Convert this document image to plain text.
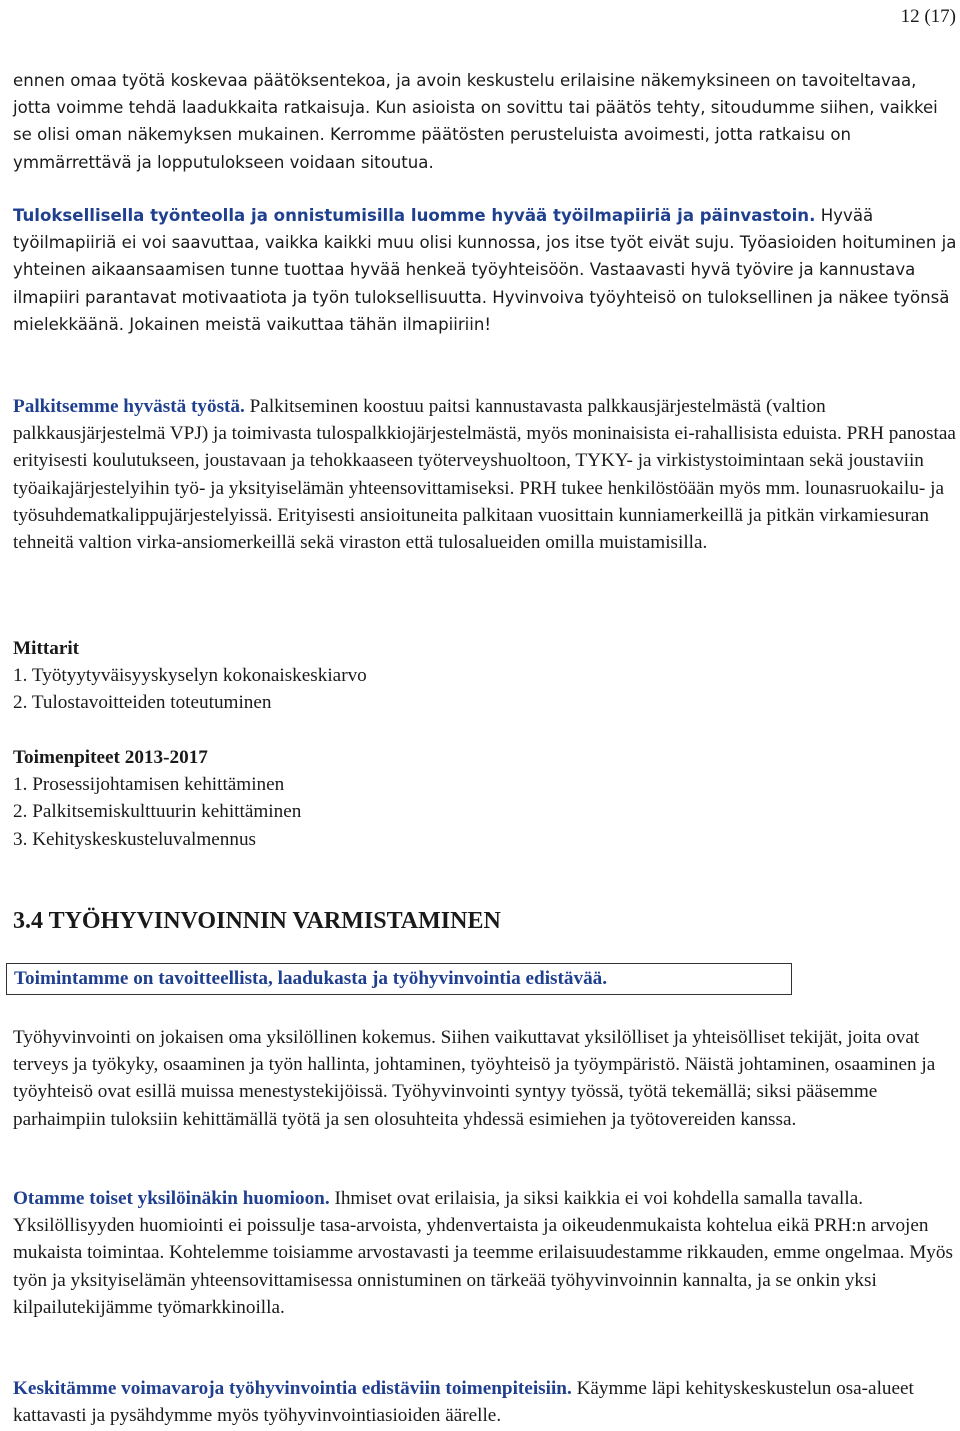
12 (17)

ennen omaa työtä koskevaa päätöksentekoa, ja avoin keskustelu erilaisine näkemyksineen on tavoiteltavaa, jotta voimme tehdä laadukkaita ratkaisuja. Kun asioista on sovittu tai päätös tehty, sitoudumme siihen, vaikkei se olisi oman näkemyksen mukainen. Kerromme päätösten perusteluista avoimesti, jotta ratkaisu on ymmärrettävä ja lopputulokseen voidaan sitoutua.

Tuloksellisella työnteolla ja onnistumisilla luomme hyvää työilmapiiriä ja päinvastoin. Hyvää työilmapiiriä ei voi saavuttaa, vaikka kaikki muu olisi kunnossa, jos itse työt eivät suju. Työasioiden hoituminen ja yhteinen aikaansaamisen tunne tuottaa hyvää henkeä työyhteisöön. Vastaavasti hyvä työvire ja kannustava ilmapiiri parantavat motivaatiota ja työn tuloksellisuutta. Hyvinvoiva työyhteisö on tuloksellinen ja näkee työnsä mielekkäänä. Jokainen meistä vaikuttaa tähän ilmapiiriin!

Palkitsemme hyvästä työstä. Palkitseminen koostuu paitsi kannustavasta palkkausjärjestelmästä (valtion palkkausjärjestelmä VPJ) ja toimivasta tulospalkkiojärjestelmästä, myös moninaisista ei-rahallisista eduista. PRH panostaa erityisesti koulutukseen, joustavaan ja tehokkaaseen työterveyshuoltoon, TYKY- ja virkistystoimintaan sekä joustaviin työaikajärjestelyihin työ- ja yksityiselämän yhteensovittamiseksi. PRH tukee henkilöstöään myös mm. lounasruokailu- ja työsuhdematkalippujärjestelyissä. Erityisesti ansioituneita palkitaan vuosittain kunniamerkeillä ja pitkän virkamiesuran tehneitä valtion virka-ansiomerkeillä sekä viraston että tulosalueiden omilla muistamisilla.

Mittarit

1. Työtyytyväisyyskyselyn kokonaiskeskiarvo

2. Tulostavoitteiden toteutuminen

Toimenpiteet 2013-2017

1. Prosessijohtamisen kehittäminen

2. Palkitsemiskulttuurin kehittäminen

3. Kehityskeskusteluvalmennus

3.4 TYÖHYVINVOINNIN VARMISTAMINEN
Toimintamme on tavoitteellista, laadukasta ja työhyvinvointia edistävää.

Työhyvinvointi on jokaisen oma yksilöllinen kokemus. Siihen vaikuttavat yksilölliset ja yhteisölliset tekijät, joita ovat terveys ja työkyky, osaaminen ja työn hallinta, johtaminen, työyhteisö ja työympäristö. Näistä johtaminen, osaaminen ja työyhteisö ovat esillä muissa menestystekijöissä. Työhyvinvointi syntyy työssä, työtä tekemällä; siksi pääsemme parhaimpiin tuloksiin kehittämällä työtä ja sen olosuhteita yhdessä esimiehen ja työtovereiden kanssa.

Otamme toiset yksilöinäkin huomioon. Ihmiset ovat erilaisia, ja siksi kaikkia ei voi kohdella samalla tavalla. Yksilöllisyyden huomiointi ei poissulje tasa-arvoista, yhdenvertaista ja oikeudenmukaista kohtelua eikä PRH:n arvojen mukaista toimintaa. Kohtelemme toisiamme arvostavasti ja teemme erilaisuudestamme rikkauden, emme ongelmaa. Myös työn ja yksityiselämän yhteensovittamisessa onnistuminen on tärkeää työhyvinvoinnin kannalta, ja se onkin yksi kilpailutekijämme työmarkkinoilla.

Keskitämme voimavaroja työhyvinvointia edistäviin toimenpiteisiin. Käymme läpi kehityskeskustelun osa-alueet kattavasti ja pysähdymme myös työhyvinvointiasioiden äärelle.
